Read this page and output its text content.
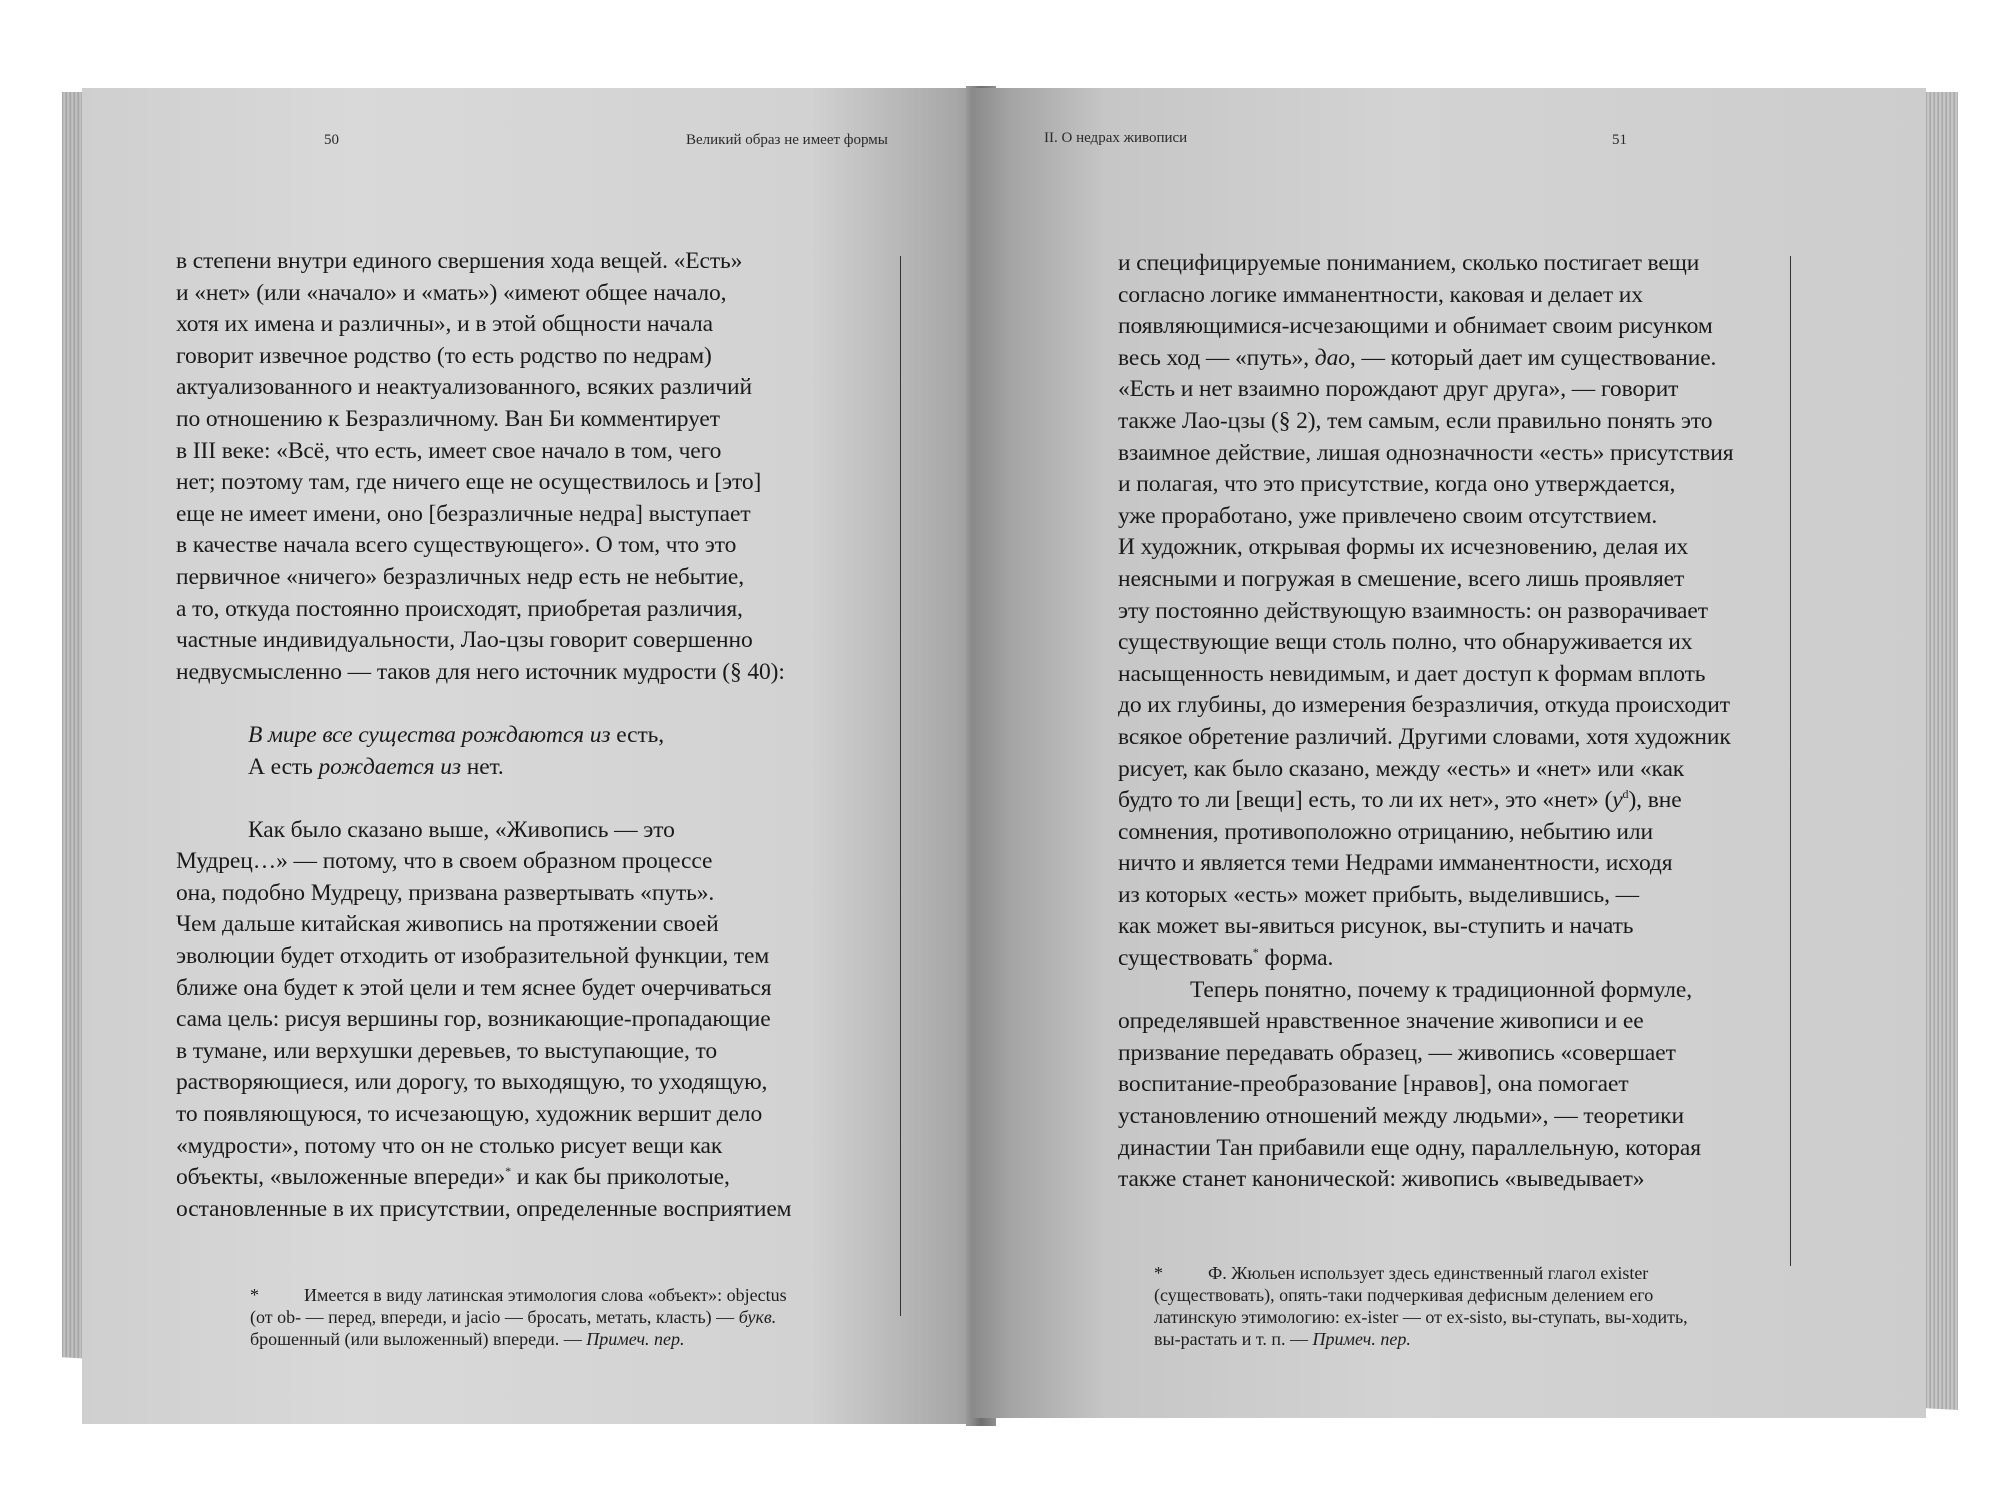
50	Великий образ не имеет формы
в степени внутри единого свершения хода вещей. «Есть»
и «нет» (или «начало» и «мать») «имеют общее начало,
хотя их имена и различны», и в этой общности начала
говорит извечное родство (то есть родство по недрам)
актуализованного и неактуализованного, всяких различий
по отношению к Безразличному. Ван Би комментирует
в III веке: «Всё, что есть, имеет свое начало в том, чего
нет; поэтому там, где ничего еще не осуществилось и [это]
еще не имеет имени, оно [безразличные недра] выступает
в качестве начала всего существующего». О том, что это
первичное «ничего» безразличных недр есть не небытие,
а то, откуда постоянно происходят, приобретая различия,
частные индивидуальности, Лао-цзы говорит совершенно
недвусмысленно — таков для него источник мудрости (§ 40):
В мире все существа рождаются из есть,
А есть рождается из нет.
Как было сказано выше, «Живопись — это
Мудрец…» — потому, что в своем образном процессе
она, подобно Мудрецу, призвана развертывать «путь».
Чем дальше китайская живопись на протяжении своей
эволюции будет отходить от изобразительной функции, тем
ближе она будет к этой цели и тем яснее будет очерчиваться
сама цель: рисуя вершины гор, возникающие-пропадающие
в тумане, или верхушки деревьев, то выступающие, то
растворяющиеся, или дорогу, то выходящую, то уходящую,
то появляющуюся, то исчезающую, художник вершит дело
«мудрости», потому что он не столько рисует вещи как
объекты, «выложенные впереди»* и как бы приколотые,
остановленные в их присутствии, определенные восприятием
*	Имеется в виду латинская этимология слова «объект»: objectus
(от ob- — перед, впереди, и jacio — бросать, метать, класть) — букв.
брошенный (или выложенный) впереди. — Примеч. пер.
II. О недрах живописи	51
и специфицируемые пониманием, сколько постигает вещи
согласно логике имманентности, каковая и делает их
появляющимися-исчезающими и обнимает своим рисунком
весь ход — «путь», дао, — который дает им существование.
«Есть и нет взаимно порождают друг друга», — говорит
также Лао-цзы (§ 2), тем самым, если правильно понять это
взаимное действие, лишая однозначности «есть» присутствия
и полагая, что это присутствие, когда оно утверждается,
уже проработано, уже привлечено своим отсутствием.
И художник, открывая формы их исчезновению, делая их
неясными и погружая в смешение, всего лишь проявляет
эту постоянно действующую взаимность: он разворачивает
существующие вещи столь полно, что обнаруживается их
насыщенность невидимым, и дает доступ к формам вплоть
до их глубины, до измерения безразличия, откуда происходит
всякое обретение различий. Другими словами, хотя художник
рисует, как было сказано, между «есть» и «нет» или «как
будто то ли [вещи] есть, то ли их нет», это «нет» $(у^d)$, вне
сомнения, противоположно отрицанию, небытию или
ничто и является теми Недрами имманентности, исходя
из которых «есть» может прибыть, выделившись, —
как может вы-явиться рисунок, вы-ступить и начать
существовать* форма.
Теперь понятно, почему к традиционной формуле,
определявшей нравственное значение живописи и ее
призвание передавать образец, — живопись «совершает
воспитание-преобразование [нравов], она помогает
установлению отношений между людьми», — теоретики
династии Тан прибавили еще одну, параллельную, которая
также станет канонической: живопись «выведывает»
*	Ф. Жюльен использует здесь единственный глагол exister
(существовать), опять-таки подчеркивая дефисным делением его
латинскую этимологию: ex-ister — от ex-sisto, вы-ступать, вы-ходить,
вы-растать и т. п. — Примеч. пер.
